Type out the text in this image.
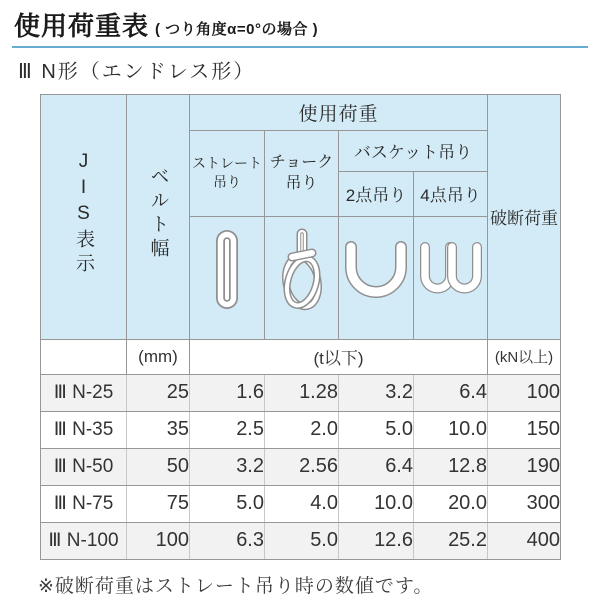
使用荷重表 ( つり角度α=0°の場合 )
Ⅲ N形（エンドレス形）
JIS表示	ベルト幅	使用荷重				破断荷重
		ストレート吊り	チョーク吊り	バスケット吊り		
				2点吊り	4点吊り	

	(mm)	(t以下)				(kN以上)
Ⅲ N-25	25	1.6	1.28	3.2	6.4	100
Ⅲ N-35	35	2.5	2.0	5.0	10.0	150
Ⅲ N-50	50	3.2	2.56	6.4	12.8	190
Ⅲ N-75	75	5.0	4.0	10.0	20.0	300
Ⅲ N-100	100	6.3	5.0	12.6	25.2	400

※破断荷重はストレート吊り時の数値です。
